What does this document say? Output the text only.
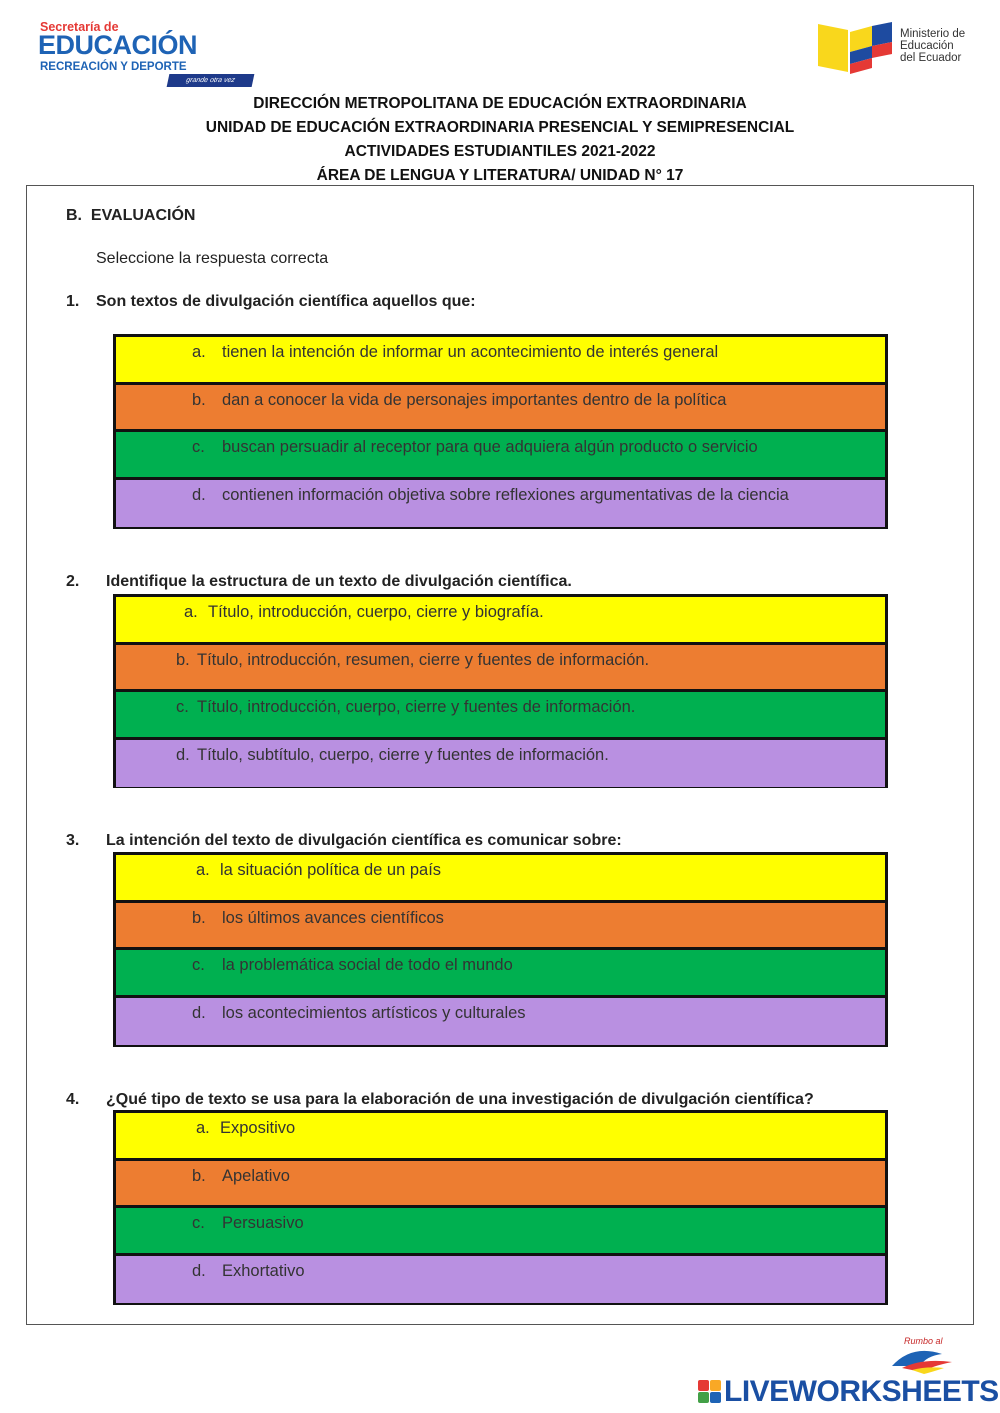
Secretaría de
EDUCACIÓN
RECREACIÓN Y DEPORTE
grande otra vez
Ministerio de
Educación
del Ecuador
DIRECCIÓN METROPOLITANA DE EDUCACIÓN EXTRAORDINARIA
UNIDAD DE EDUCACIÓN EXTRAORDINARIA PRESENCIAL Y SEMIPRESENCIAL
ACTIVIDADES ESTUDIANTILES 2021-2022
ÁREA DE LENGUA Y LITERATURA/ UNIDAD N° 17
B. EVALUACIÓN
Seleccione la respuesta correcta
1. Son textos de divulgación científica aquellos que:
a. tienen la intención de informar un acontecimiento de interés general
b. dan a conocer la vida de personajes importantes dentro de la política
c. buscan persuadir al receptor para que adquiera algún producto o servicio
d. contienen información objetiva sobre reflexiones argumentativas de la ciencia
2. Identifique la estructura de un texto de divulgación científica.
a. Título, introducción, cuerpo, cierre y biografía.
b. Título, introducción, resumen, cierre y fuentes de información.
c. Título, introducción, cuerpo, cierre y fuentes de información.
d. Título, subtítulo, cuerpo, cierre y fuentes de información.
3. La intención del texto de divulgación científica es comunicar sobre:
a. la situación política de un país
b. los últimos avances científicos
c. la problemática social de todo el mundo
d. los acontecimientos artísticos y culturales
4. ¿Qué tipo de texto se usa para la elaboración de una investigación de divulgación científica?
a. Expositivo
b. Apelativo
c. Persuasivo
d. Exhortativo
Rumbo al
LIVEWORKSHEETS
